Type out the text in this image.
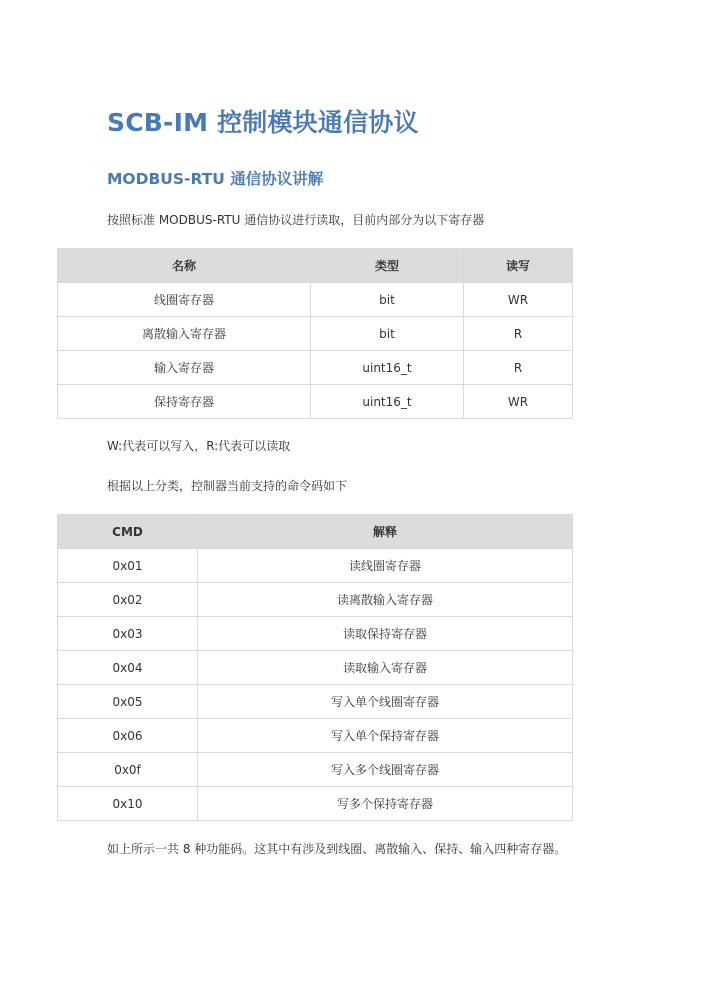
SCB-IM 控制模块通信协议
MODBUS-RTU 通信协议讲解

按照标准 MODBUS-RTU 通信协议进行读取，目前内部分为以下寄存器

名称	类型	读写
线圈寄存器	bit	WR
离散输入寄存器	bit	R
输入寄存器	uint16_t	R
保持寄存器	uint16_t	WR

W:代表可以写入，R:代表可以读取

根据以上分类，控制器当前支持的命令码如下

CMD	解释
0x01	读线圈寄存器
0x02	读离散输入寄存器
0x03	读取保持寄存器
0x04	读取输入寄存器
0x05	写入单个线圈寄存器
0x06	写入单个保持寄存器
0x0f	写入多个线圈寄存器
0x10	写多个保持寄存器

如上所示一共 8 种功能码。这其中有涉及到线圈、离散输入、保持、输入四种寄存器。
